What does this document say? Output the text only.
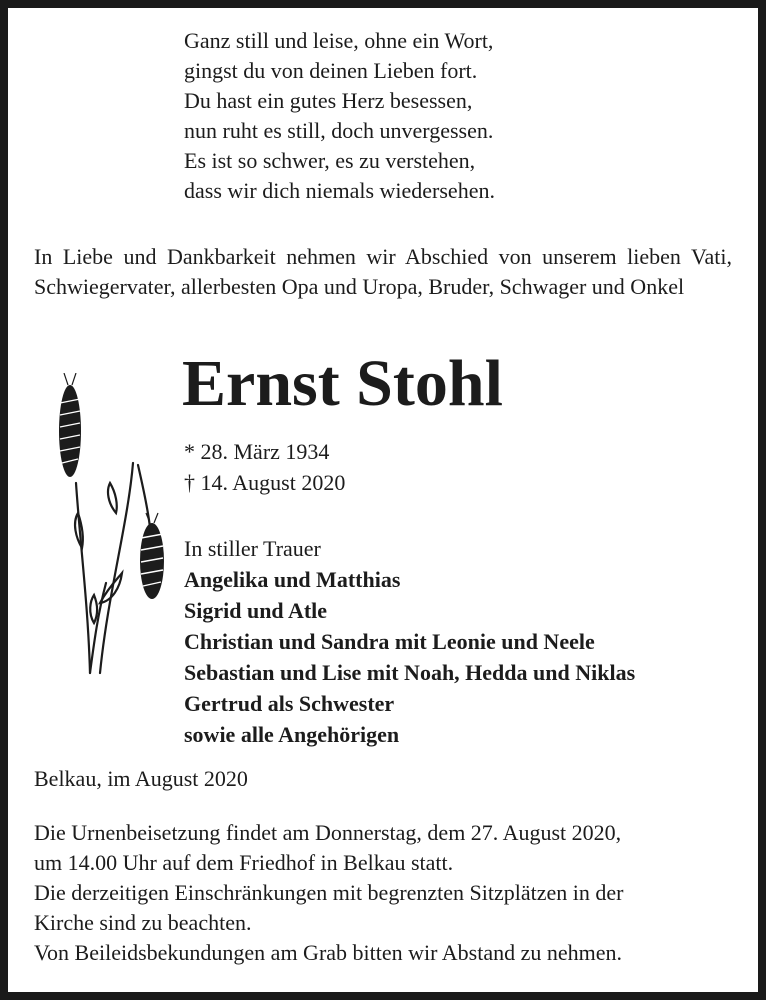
Ganz still und leise, ohne ein Wort,
gingst du von deinen Lieben fort.
Du hast ein gutes Herz besessen,
nun ruht es still, doch unvergessen.
Es ist so schwer, es zu verstehen,
dass wir dich niemals wiedersehen.
In Liebe und Dankbarkeit nehmen wir Abschied von unserem lieben Vati, Schwiegervater, allerbesten Opa und Uropa, Bruder, Schwager und Onkel
Ernst Stohl
* 28. März 1934
† 14. August 2020
In stiller Trauer
Angelika und Matthias
Sigrid und Atle
Christian und Sandra mit Leonie und Neele
Sebastian und Lise mit Noah, Hedda und Niklas
Gertrud als Schwester
sowie alle Angehörigen
Belkau, im August 2020
Die Urnenbeisetzung findet am Donnerstag, dem 27. August 2020,
um 14.00 Uhr auf dem Friedhof in Belkau statt.
Die derzeitigen Einschränkungen mit begrenzten Sitzplätzen in der
Kirche sind zu beachten.
Von Beileidsbekundungen am Grab bitten wir Abstand zu nehmen.
